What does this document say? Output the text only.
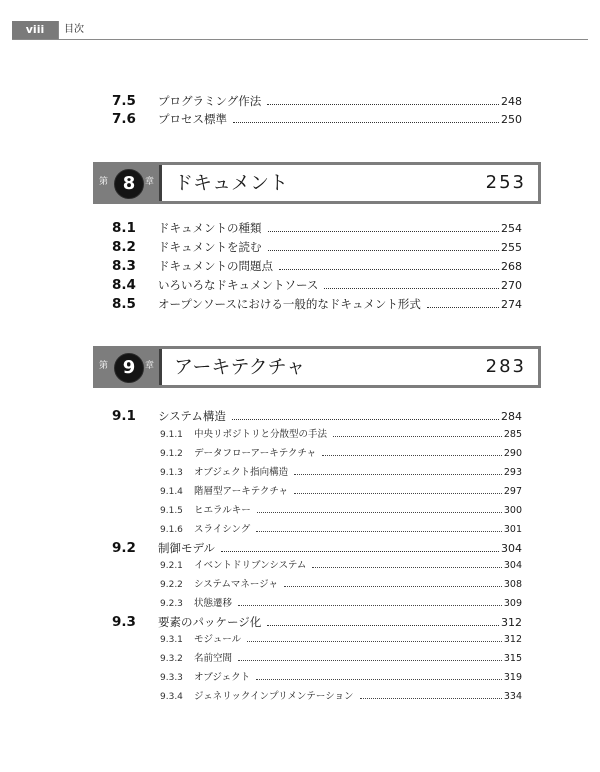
viii	目次
7.5	プログラミング作法	248
7.6	プロセス標準	250
第 8	章 ドキュメント	253
8.1	ドキュメントの種類	254
8.2	ドキュメントを読む	255
8.3	ドキュメントの問題点	268
8.4	いろいろなドキュメントソース	270
8.5	オープンソースにおける一般的なドキュメント形式	274
第 9	章 アーキテクチャ	283
9.1	システム構造	284
9.1.1	中央リポジトリと分散型の手法	285
9.1.2	データフローアーキテクチャ	290
9.1.3	オブジェクト指向構造	293
9.1.4	階層型アーキテクチャ	297
9.1.5	ヒエラルキー	300
9.1.6	スライシング	301
9.2	制御モデル	304
9.2.1	イベントドリブンシステム	304
9.2.2	システムマネージャ	308
9.2.3	状態遷移	309
9.3	要素のパッケージ化	312
9.3.1	モジュール	312
9.3.2	名前空間	315
9.3.3	オブジェクト	319
9.3.4	ジェネリックインプリメンテーション	334
